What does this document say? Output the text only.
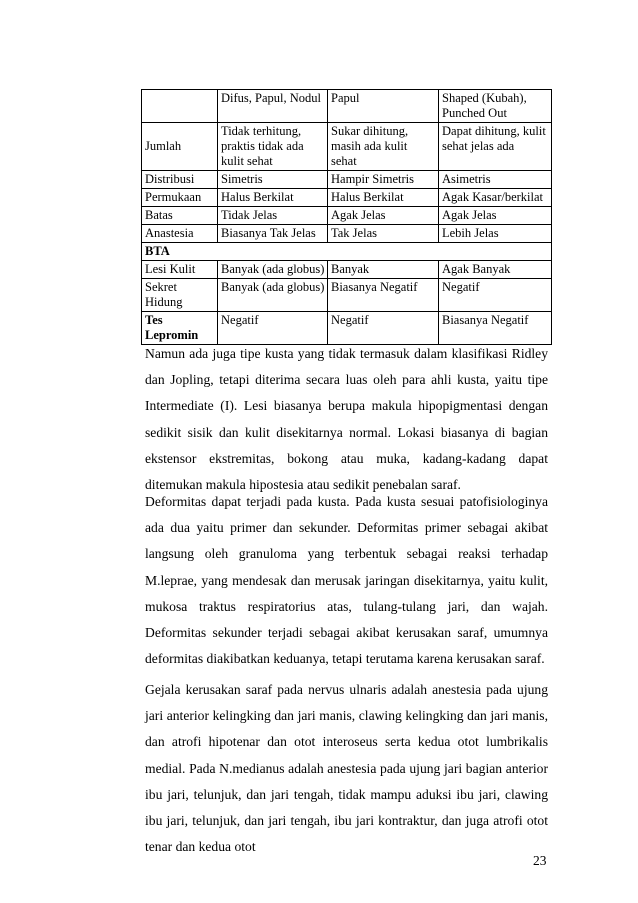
	Difus, Papul, Nodul	Papul	Shaped (Kubah), Punched Out
Jumlah	Tidak terhitung, praktis tidak ada kulit sehat	Sukar dihitung, masih ada kulit sehat	Dapat dihitung, kulit sehat jelas ada
Distribusi	Simetris	Hampir Simetris	Asimetris
Permukaan	Halus Berkilat	Halus Berkilat	Agak Kasar/berkilat
Batas	Tidak Jelas	Agak Jelas	Agak Jelas
Anastesia	Biasanya Tak Jelas	Tak Jelas	Lebih Jelas
BTA			
Lesi Kulit	Banyak (ada globus)	Banyak	Agak Banyak
Sekret Hidung	Banyak (ada globus)	Biasanya Negatif	Negatif
Tes Lepromin	Negatif	Negatif	Biasanya Negatif

Namun ada juga tipe kusta yang tidak termasuk dalam klasifikasi Ridley dan Jopling, tetapi diterima secara luas oleh para ahli kusta, yaitu tipe Intermediate (I). Lesi biasanya berupa makula hipopigmentasi dengan sedikit sisik dan kulit disekitarnya normal. Lokasi biasanya di bagian ekstensor ekstremitas, bokong atau muka, kadang-kadang dapat ditemukan makula hipostesia atau sedikit penebalan saraf.

Deformitas dapat terjadi pada kusta. Pada kusta sesuai patofisiologinya ada dua yaitu primer dan sekunder. Deformitas primer sebagai akibat langsung oleh granuloma yang terbentuk sebagai reaksi terhadap M.leprae, yang mendesak dan merusak jaringan disekitarnya, yaitu kulit, mukosa traktus respiratorius atas, tulang-tulang jari, dan wajah. Deformitas sekunder terjadi sebagai akibat kerusakan saraf, umumnya deformitas diakibatkan keduanya, tetapi terutama karena kerusakan saraf.

Gejala kerusakan saraf pada nervus ulnaris adalah anestesia pada ujung jari anterior kelingking dan jari manis, clawing kelingking dan jari manis, dan atrofi hipotenar dan otot interoseus serta kedua otot lumbrikalis medial. Pada N.medianus adalah anestesia pada ujung jari bagian anterior ibu jari, telunjuk, dan jari tengah, tidak mampu aduksi ibu jari, clawing ibu jari, telunjuk, dan jari tengah, ibu jari kontraktur, dan juga atrofi otot tenar dan kedua otot

23
